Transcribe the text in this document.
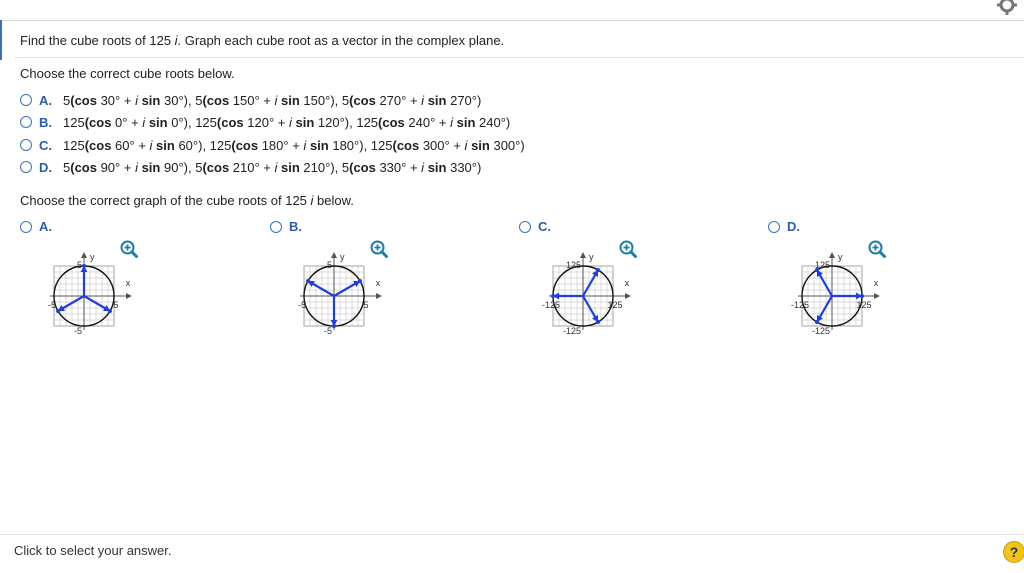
Find the cube roots of 125 i. Graph each cube root as a vector in the complex plane.
Choose the correct cube roots below.
A. 5(cos 30° + i sin 30°), 5(cos 150° + i sin 150°), 5(cos 270° + i sin 270°)
B. 125(cos 0° + i sin 0°), 125(cos 120° + i sin 120°), 125(cos 240° + i sin 240°)
C. 125(cos 60° + i sin 60°), 125(cos 180° + i sin 180°), 125(cos 300° + i sin 300°)
D. 5(cos 90° + i sin 90°), 5(cos 210° + i sin 210°), 5(cos 330° + i sin 330°)
Choose the correct graph of the cube roots of 125 i below.
A.
5
-5
-5	5
x
y
B.
5
-5
-5	5
x
y
C.
125
-125
-125	125
x
y
D.
125
-125
-125	125
x
y
Click to select your answer.	?
